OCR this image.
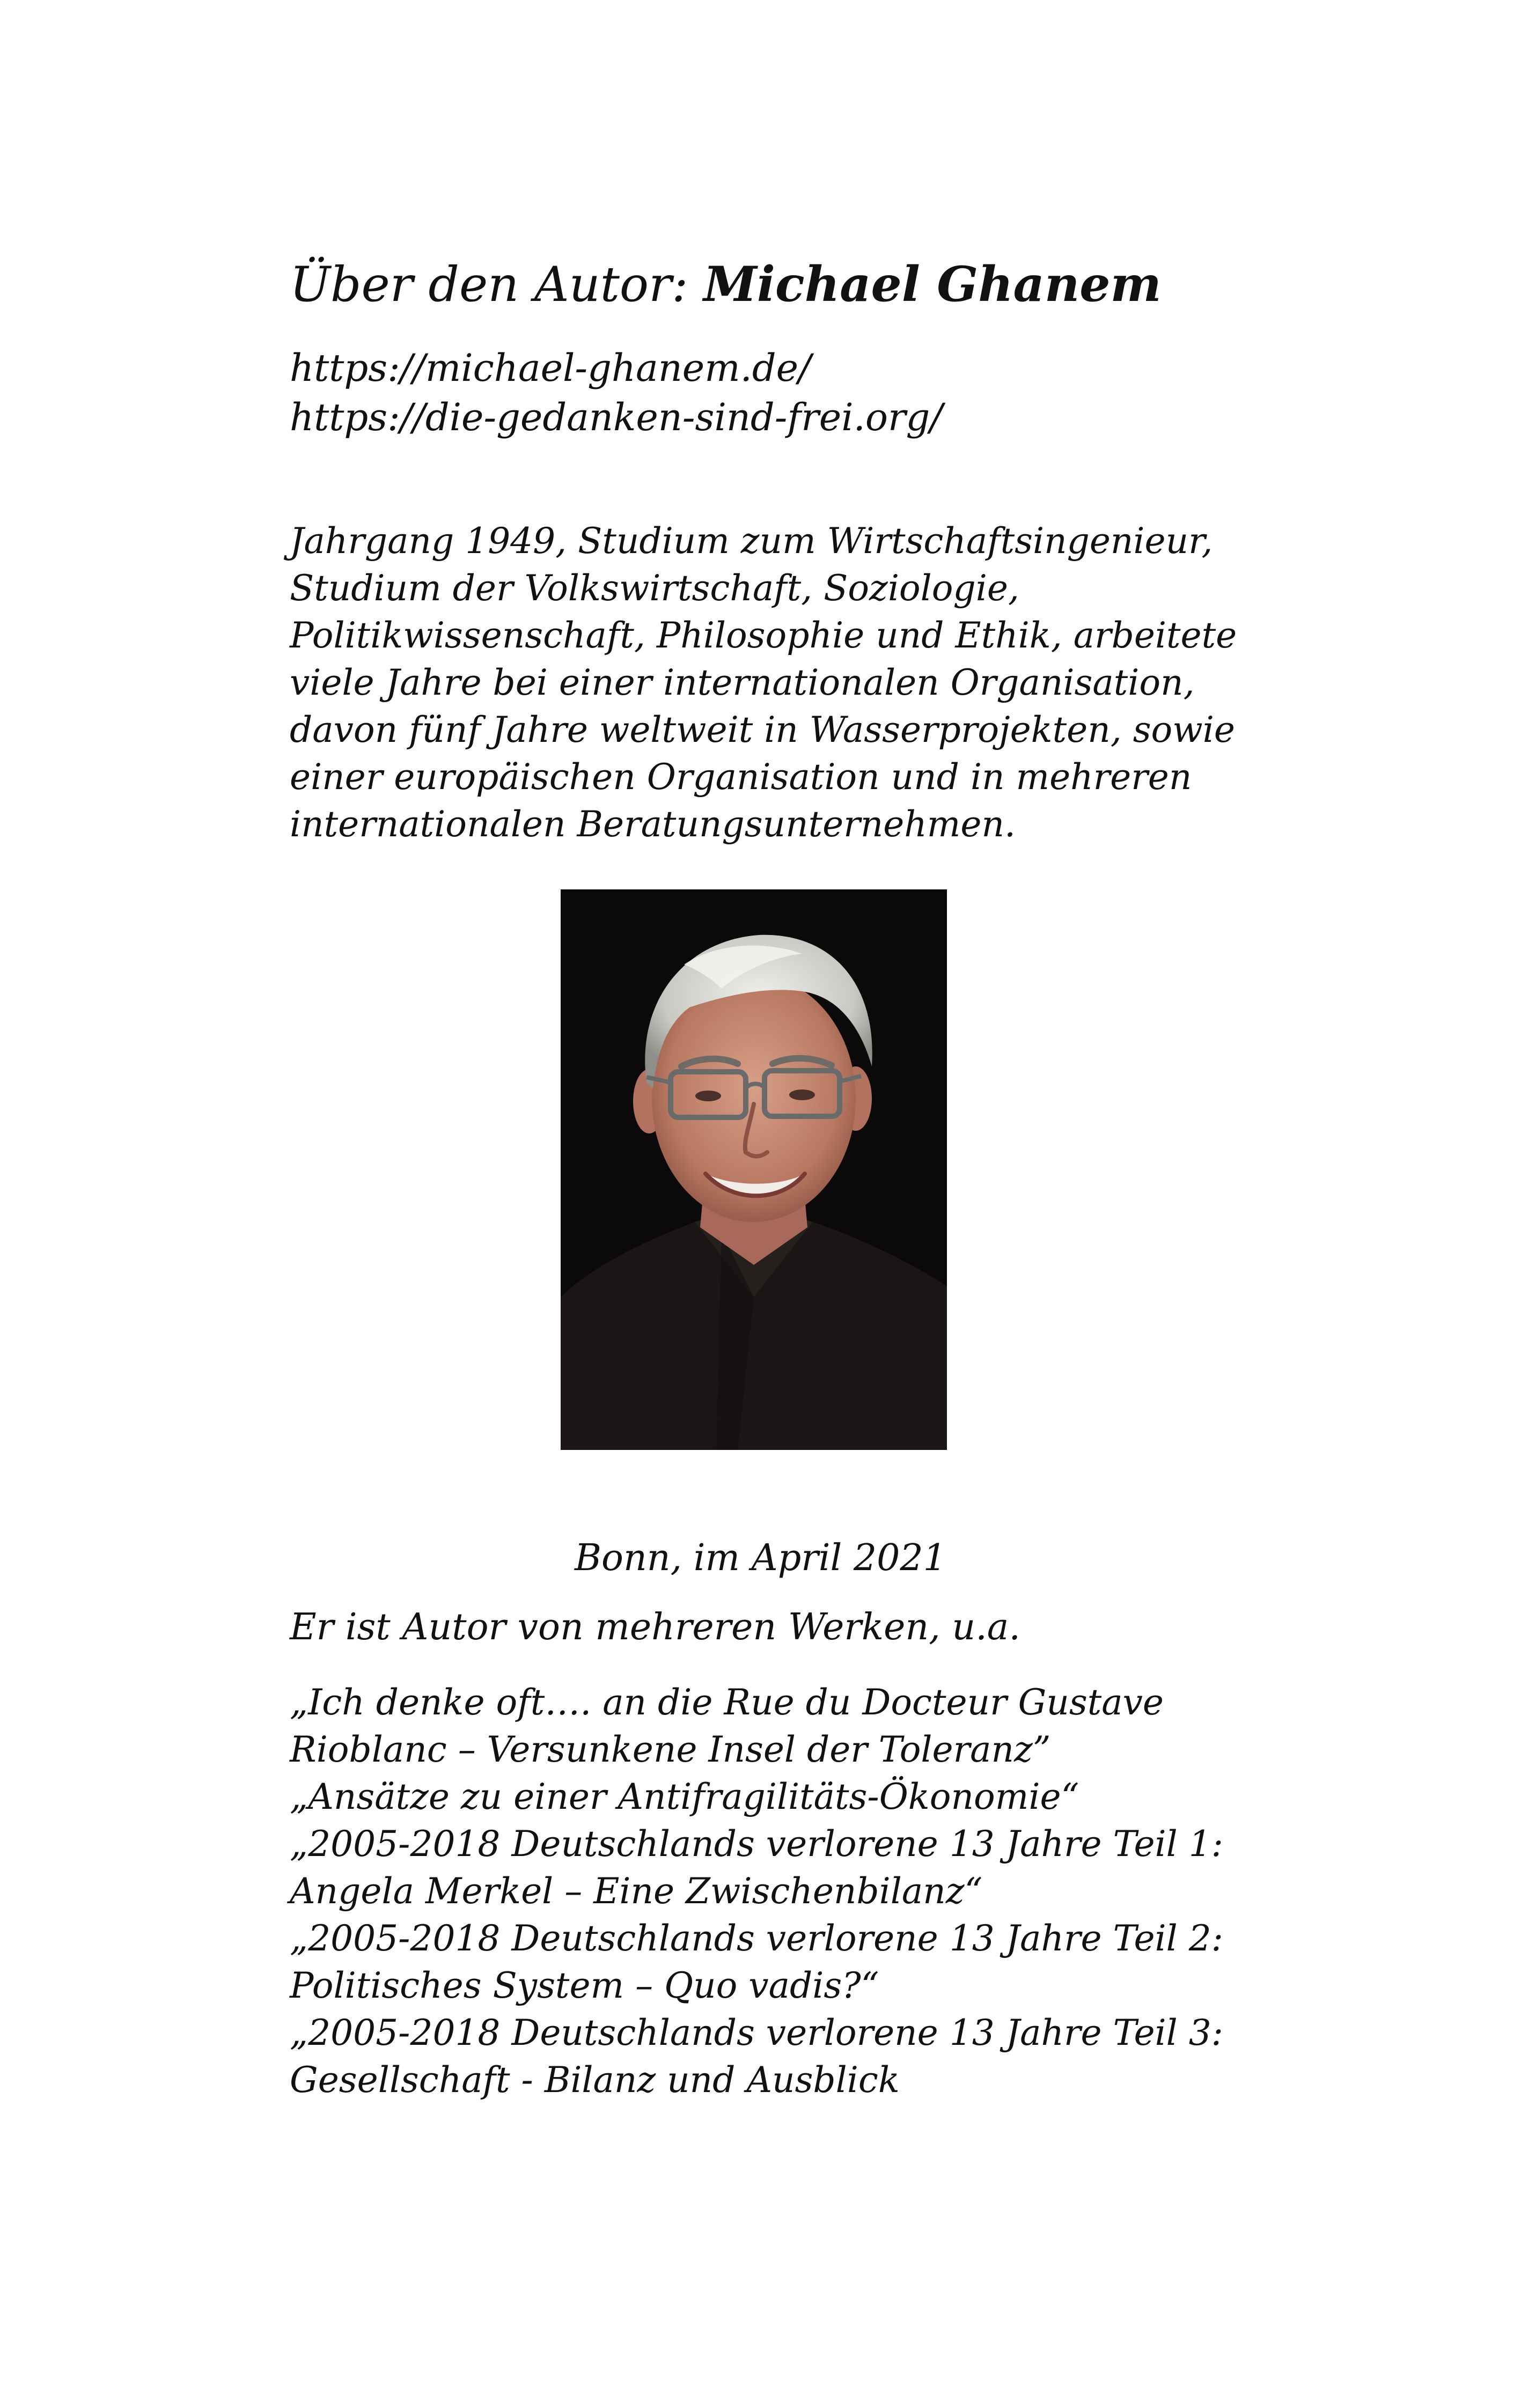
Über den Autor: Michael Ghanem
https://michael-ghanem.de/
https://die-gedanken-sind-frei.org/
Jahrgang 1949, Studium zum Wirtschaftsingenieur,
Studium der Volkswirtschaft, Soziologie,
Politikwissenschaft, Philosophie und Ethik, arbeitete
viele Jahre bei einer internationalen Organisation,
davon fünf Jahre weltweit in Wasserprojekten, sowie
einer europäischen Organisation und in mehreren
internationalen Beratungsunternehmen.
Bonn, im April 2021
Er ist Autor von mehreren Werken, u.a.
„Ich denke oft…. an die Rue du Docteur Gustave
Rioblanc – Versunkene Insel der Toleranz”
„Ansätze zu einer Antifragilitäts-Ökonomie“
„2005-2018 Deutschlands verlorene 13 Jahre Teil 1:
Angela Merkel – Eine Zwischenbilanz“
„2005-2018 Deutschlands verlorene 13 Jahre Teil 2:
Politisches System – Quo vadis?“
„2005-2018 Deutschlands verlorene 13 Jahre Teil 3:
Gesellschaft - Bilanz und Ausblick
